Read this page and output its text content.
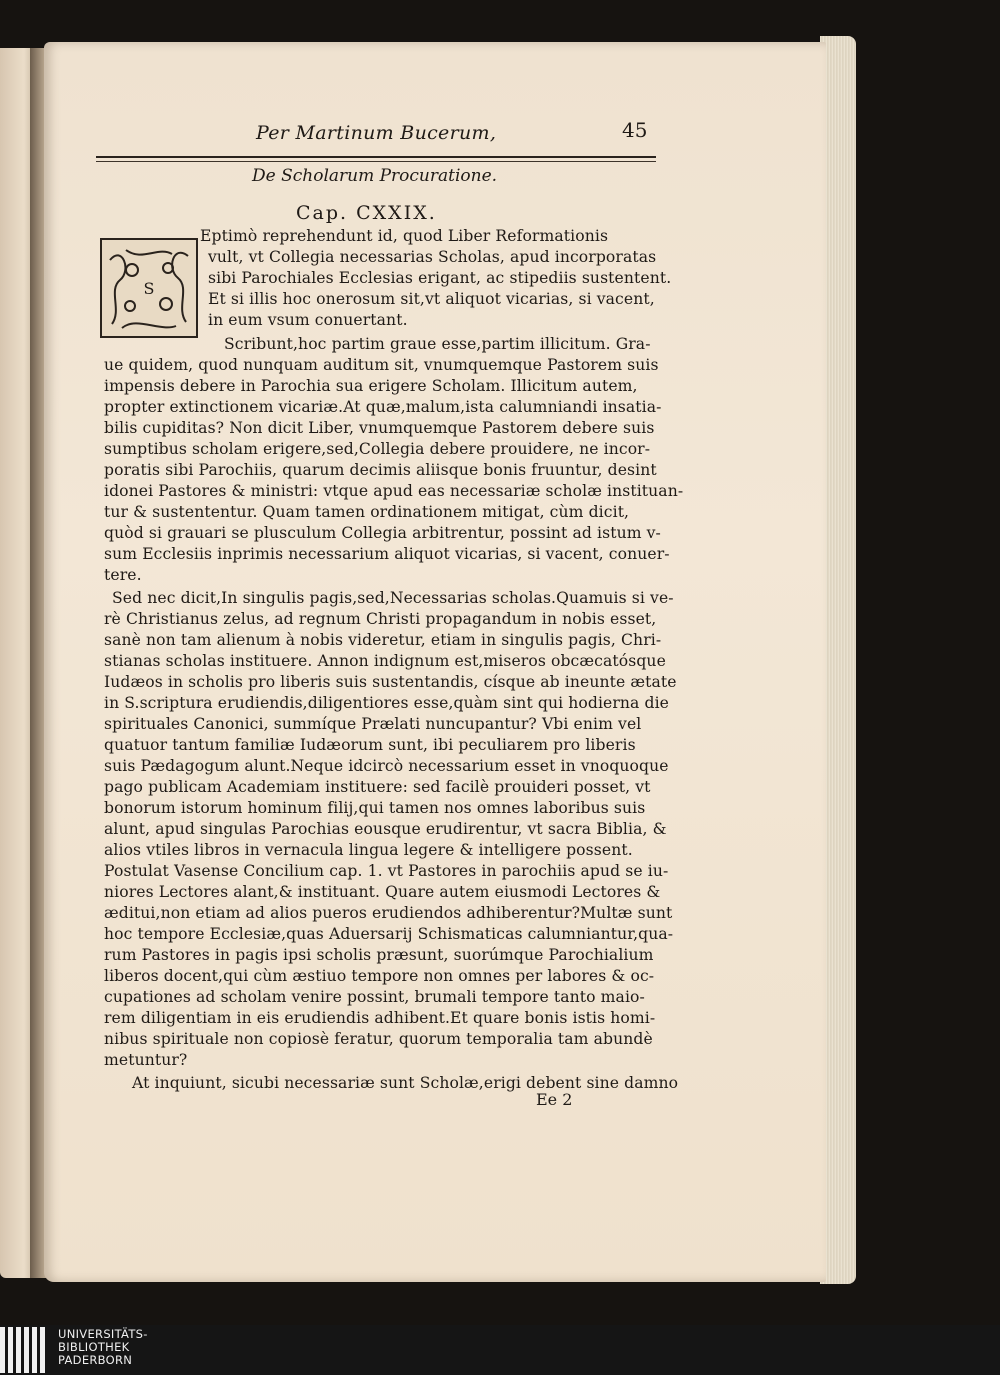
Per Martinum Bucerum,	45
De Scholarum Procuratione.
Cap. CXXIX.
S
Eptimò reprehendunt id, quod Liber Reformationis
vult, vt Collegia necessarias Scholas, apud incorporatas
sibi Parochiales Ecclesias erigant, ac stipediis sustentent.
Et si illis hoc onerosum sit,vt aliquot vicarias, si vacent,
in eum vsum conuertant.
Scribunt,hoc partim graue esse,partim illicitum. Gra-
ue quidem, quod nunquam auditum sit, vnumquemque Pastorem suis
impensis debere in Parochia sua erigere Scholam. Illicitum autem,
propter extinctionem vicariæ.At quæ,malum,ista calumniandi insatia-
bilis cupiditas? Non dicit Liber, vnumquemque Pastorem debere suis
sumptibus scholam erigere,sed,Collegia debere prouidere, ne incor-
poratis sibi Parochiis, quarum decimis aliisque bonis fruuntur, desint
idonei Pastores & ministri: vtque apud eas necessariæ scholæ instituan-
tur & sustententur. Quam tamen ordinationem mitigat, cùm dicit,
quòd si grauari se plusculum Collegia arbitrentur, possint ad istum v-
sum Ecclesiis inprimis necessarium aliquot vicarias, si vacent, conuer-
tere.
Sed nec dicit,In singulis pagis,sed,Necessarias scholas.Quamuis si ve-
rè Christianus zelus, ad regnum Christi propagandum in nobis esset,
sanè non tam alienum à nobis videretur, etiam in singulis pagis, Chri-
stianas scholas instituere. Annon indignum est,miseros obcæcatósque
Iudæos in scholis pro liberis suis sustentandis, císque ab ineunte ætate
in S.scriptura erudiendis,diligentiores esse,quàm sint qui hodierna die
spirituales Canonici, summíque Prælati nuncupantur? Vbi enim vel
quatuor tantum familiæ Iudæorum sunt, ibi peculiarem pro liberis
suis Pædagogum alunt.Neque idcircò necessarium esset in vnoquoque
pago publicam Academiam instituere: sed facilè prouideri posset, vt
bonorum istorum hominum filij,qui tamen nos omnes laboribus suis
alunt, apud singulas Parochias eousque erudirentur, vt sacra Biblia, &
alios vtiles libros in vernacula lingua legere & intelligere possent.
Postulat Vasense Concilium cap. 1. vt Pastores in parochiis apud se iu-
niores Lectores alant,& instituant. Quare autem eiusmodi Lectores &
æditui,non etiam ad alios pueros erudiendos adhiberentur?Multæ sunt
hoc tempore Ecclesiæ,quas Aduersarij Schismaticas calumniantur,qua-
rum Pastores in pagis ipsi scholis præsunt, suorúmque Parochialium
liberos docent,qui cùm æstiuo tempore non omnes per labores & oc-
cupationes ad scholam venire possint, brumali tempore tanto maio-
rem diligentiam in eis erudiendis adhibent.Et quare bonis istis homi-
nibus spirituale non copiosè feratur, quorum temporalia tam abundè
metuntur?
At inquiunt, sicubi necessariæ sunt Scholæ,erigi debent sine damno
Ee 2
UNIVERSITÄTS-
BIBLIOTHEK
PADERBORN
